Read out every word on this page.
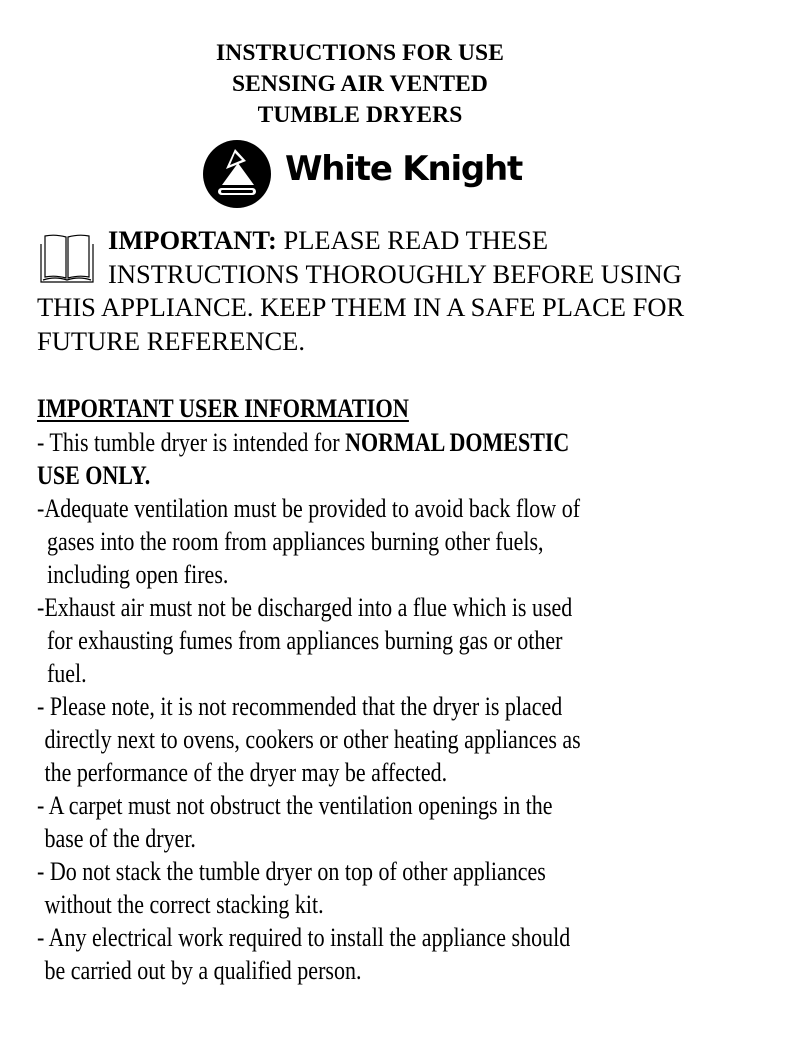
INSTRUCTIONS FOR USE
SENSING AIR VENTED
TUMBLE DRYERS
White Knight
IMPORTANT: PLEASE READ THESE
INSTRUCTIONS THOROUGHLY BEFORE USING
THIS APPLIANCE. KEEP THEM IN A SAFE PLACE FOR
FUTURE REFERENCE.
IMPORTANT USER INFORMATION
- This tumble dryer is intended for NORMAL DOMESTIC
USE ONLY.
-Adequate ventilation must be provided to avoid back flow of
gases into the room from appliances burning other fuels,
including open fires.
-Exhaust air must not be discharged into a flue which is used
for exhausting fumes from appliances burning gas or other
fuel.
- Please note, it is not recommended that the dryer is placed
directly next to ovens, cookers or other heating appliances as
the performance of the dryer may be affected.
- A carpet must not obstruct the ventilation openings in the
base of the dryer.
- Do not stack the tumble dryer on top of other appliances
without the correct stacking kit.
- Any electrical work required to install the appliance should
be carried out by a qualified person.
